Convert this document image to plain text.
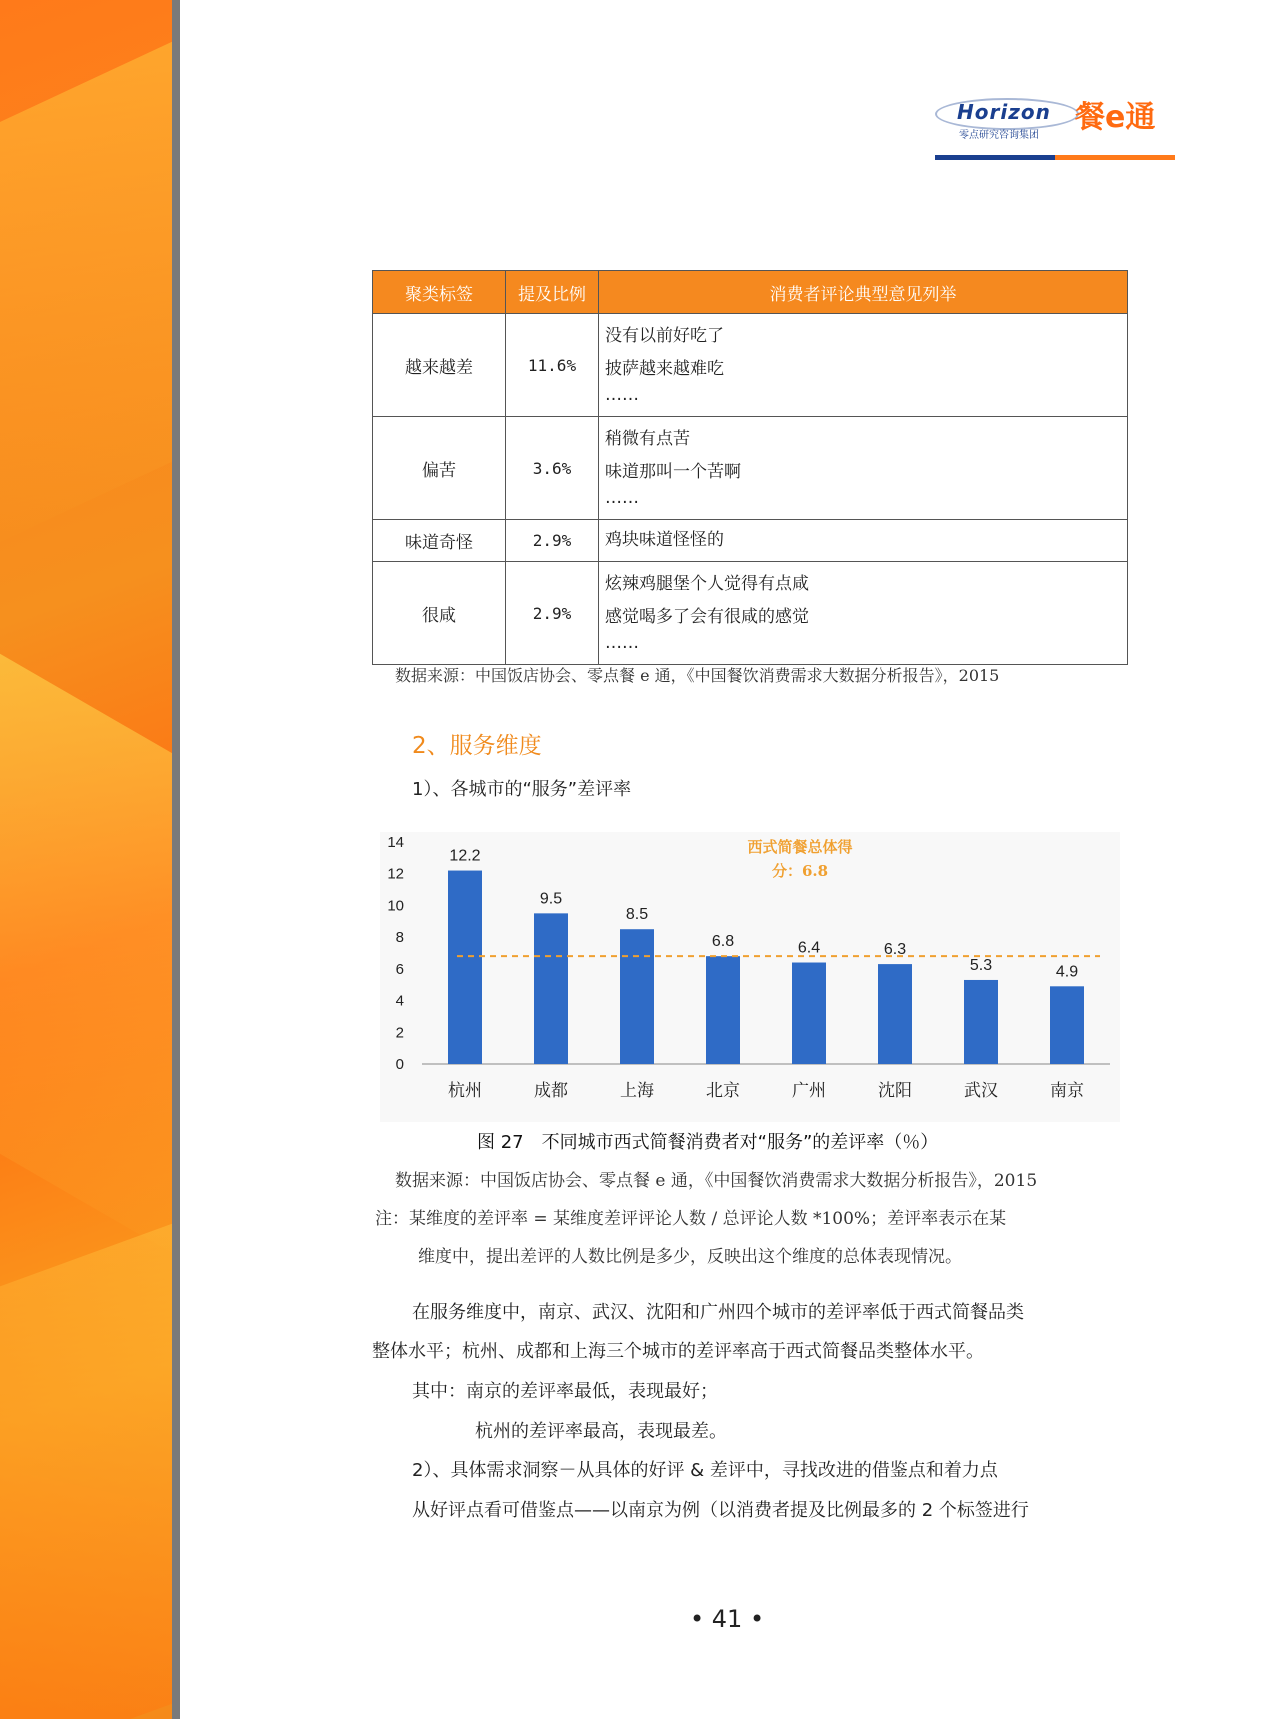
Horizon
零点研究咨询集团
餐e通
聚类标签	提及比例	消费者评论典型意见列举
越来越差	11.6%	没有以前好吃了
披萨越来越难吃
……

偏苦	3.6%	稍微有点苦
味道那叫一个苦啊
……

味道奇怪	2.9%	鸡块味道怪怪的

很咸	2.9%	炫辣鸡腿堡个人觉得有点咸
感觉喝多了会有很咸的感觉
……
数据来源：中国饭店协会、零点餐 e 通，《中国餐饮消费需求大数据分析报告》，2015
2、服务维度
1）、各城市的“服务”差评率
0
2
4
6
8
10
12
14
12.2
杭州
9.5
成都
8.5
上海
6.8
北京
6.4
广州
6.3
沈阳
5.3
武汉
4.9
南京
西式简餐总体得
分：6.8
图 27　不同城市西式简餐消费者对“服务”的差评率（％）
数据来源：中国饭店协会、零点餐 e 通，《中国餐饮消费需求大数据分析报告》，2015
注：某维度的差评率 = 某维度差评评论人数 / 总评论人数 *100%；差评率表示在某
维度中，提出差评的人数比例是多少，反映出这个维度的总体表现情况。
在服务维度中，南京、武汉、沈阳和广州四个城市的差评率低于西式简餐品类
整体水平；杭州、成都和上海三个城市的差评率高于西式简餐品类整体水平。
其中：南京的差评率最低，表现最好；
杭州的差评率最高，表现最差。
2）、具体需求洞察－从具体的好评 & 差评中，寻找改进的借鉴点和着力点
从好评点看可借鉴点——以南京为例（以消费者提及比例最多的 2 个标签进行
• 41 •
